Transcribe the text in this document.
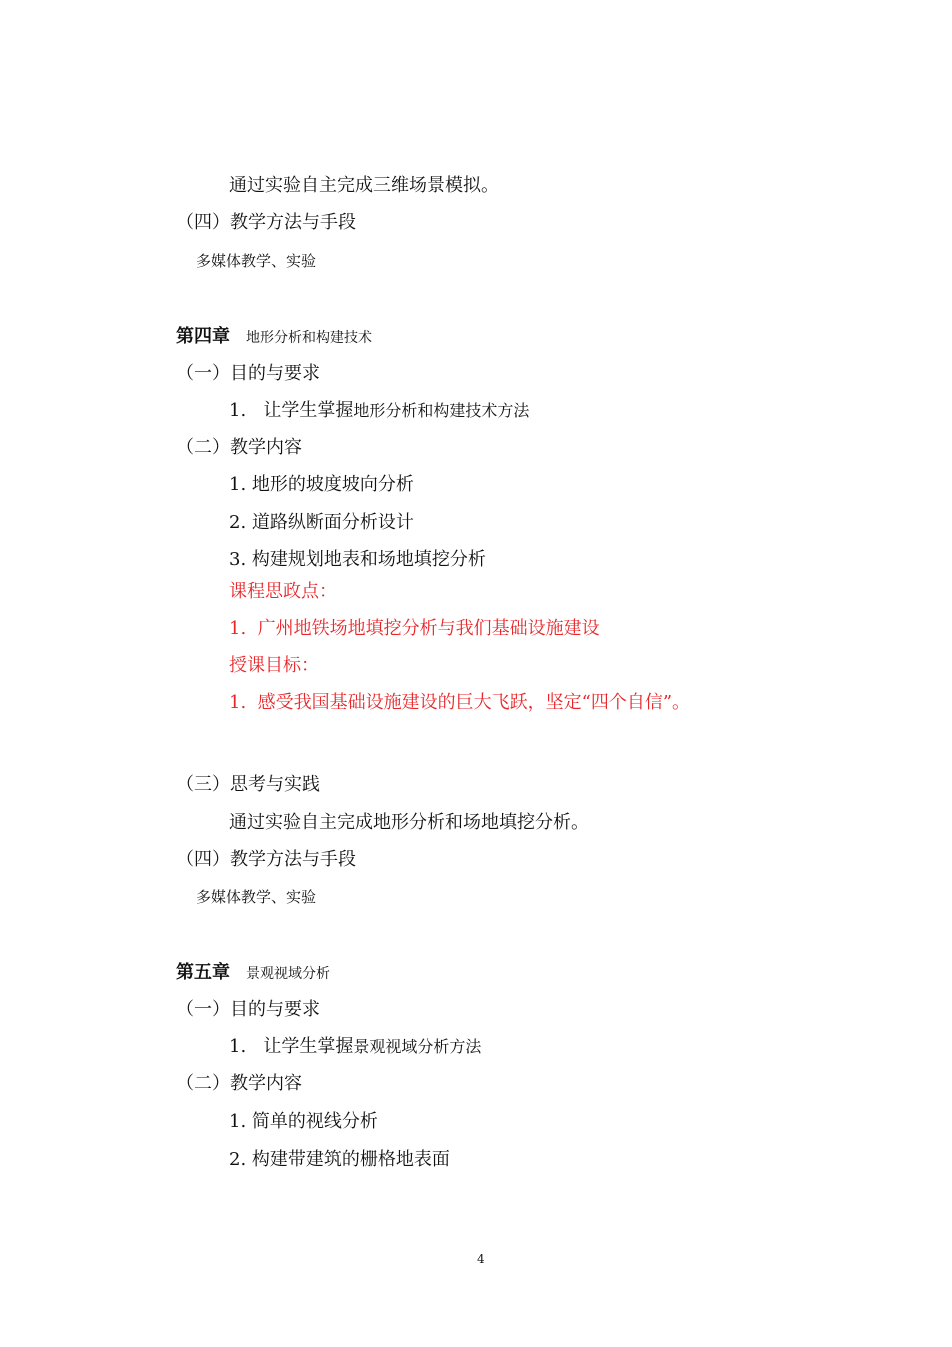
通过实验自主完成三维场景模拟。
（四）教学方法与手段
多媒体教学、实验
第四章 地形分析和构建技术
（一）目的与要求
1.   让学生掌握地形分析和构建技术方法
（二）教学内容
1. 地形的坡度坡向分析
2. 道路纵断面分析设计
3. 构建规划地表和场地填挖分析
课程思政点：
1.  广州地铁场地填挖分析与我们基础设施建设
授课目标：
1.  感受我国基础设施建设的巨大飞跃，坚定“四个自信”。
（三）思考与实践
通过实验自主完成地形分析和场地填挖分析。
（四）教学方法与手段
多媒体教学、实验
第五章 景观视域分析
（一）目的与要求
1.   让学生掌握景观视域分析方法
（二）教学内容
1. 简单的视线分析
2. 构建带建筑的栅格地表面
4
